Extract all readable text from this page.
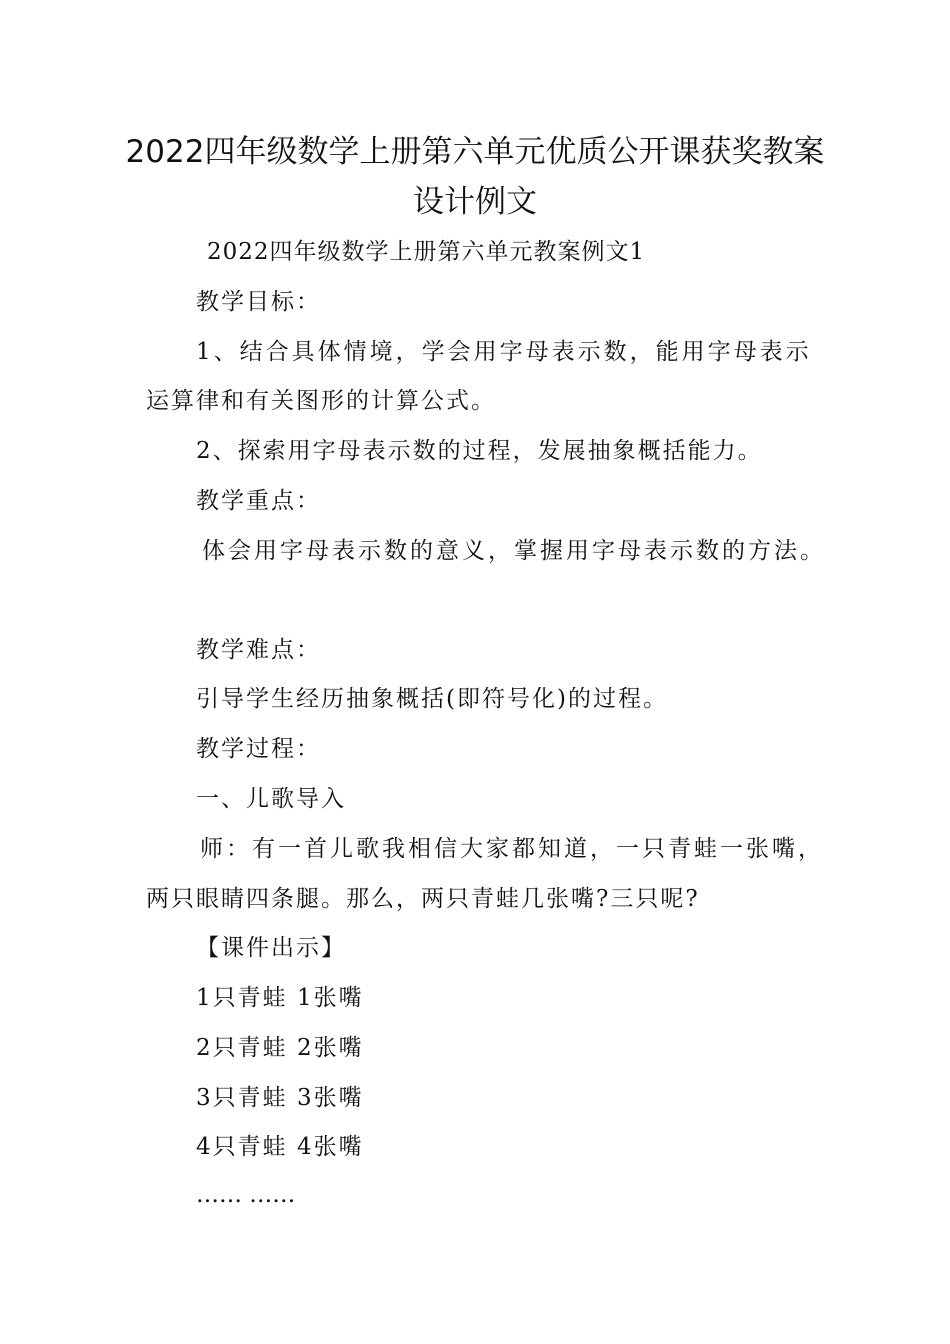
2022四年级数学上册第六单元优质公开课获奖教案
设计例文
2022四年级数学上册第六单元教案例文1
教学目标：
1、结合具体情境，学会用字母表示数，能用字母表示
运算律和有关图形的计算公式。
2、探索用字母表示数的过程，发展抽象概括能力。
教学重点：
体会用字母表示数的意义，掌握用字母表示数的方法。
教学难点：
引导学生经历抽象概括(即符号化)的过程。
教学过程：
一、儿歌导入
师：有一首儿歌我相信大家都知道，一只青蛙一张嘴，
两只眼睛四条腿。那么，两只青蛙几张嘴?三只呢?
【课件出示】
1只青蛙 1张嘴
2只青蛙 2张嘴
3只青蛙 3张嘴
4只青蛙 4张嘴
…… ……
